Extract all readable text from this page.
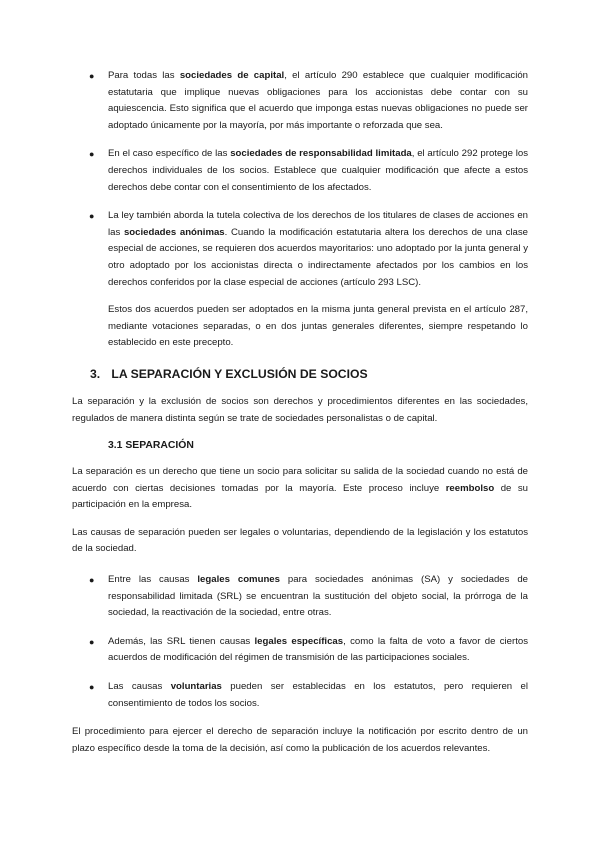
● Para todas las sociedades de capital, el artículo 290 establece que cualquier modificación estatutaria que implique nuevas obligaciones para los accionistas debe contar con su aquiescencia. Esto significa que el acuerdo que imponga estas nuevas obligaciones no puede ser adoptado únicamente por la mayoría, por más importante o reforzada que sea.

● En el caso específico de las sociedades de responsabilidad limitada, el artículo 292 protege los derechos individuales de los socios. Establece que cualquier modificación que afecte a estos derechos debe contar con el consentimiento de los afectados.

● La ley también aborda la tutela colectiva de los derechos de los titulares de clases de acciones en las sociedades anónimas. Cuando la modificación estatutaria altera los derechos de una clase especial de acciones, se requieren dos acuerdos mayoritarios: uno adoptado por la junta general y otro adoptado por los accionistas directa o indirectamente afectados por los cambios en los derechos conferidos por la clase especial de acciones (artículo 293 LSC).

Estos dos acuerdos pueden ser adoptados en la misma junta general prevista en el artículo 287, mediante votaciones separadas, o en dos juntas generales diferentes, siempre respetando lo establecido en este precepto.

3. LA SEPARACIÓN Y EXCLUSIÓN DE SOCIOS

La separación y la exclusión de socios son derechos y procedimientos diferentes en las sociedades, regulados de manera distinta según se trate de sociedades personalistas o de capital.

3.1 SEPARACIÓN

La separación es un derecho que tiene un socio para solicitar su salida de la sociedad cuando no está de acuerdo con ciertas decisiones tomadas por la mayoría. Este proceso incluye reembolso de su participación en la empresa.

Las causas de separación pueden ser legales o voluntarias, dependiendo de la legislación y los estatutos de la sociedad.

● Entre las causas legales comunes para sociedades anónimas (SA) y sociedades de responsabilidad limitada (SRL) se encuentran la sustitución del objeto social, la prórroga de la sociedad, la reactivación de la sociedad, entre otras.

● Además, las SRL tienen causas legales específicas, como la falta de voto a favor de ciertos acuerdos de modificación del régimen de transmisión de las participaciones sociales.

● Las causas voluntarias pueden ser establecidas en los estatutos, pero requieren el consentimiento de todos los socios.

El procedimiento para ejercer el derecho de separación incluye la notificación por escrito dentro de un plazo específico desde la toma de la decisión, así como la publicación de los acuerdos relevantes.
